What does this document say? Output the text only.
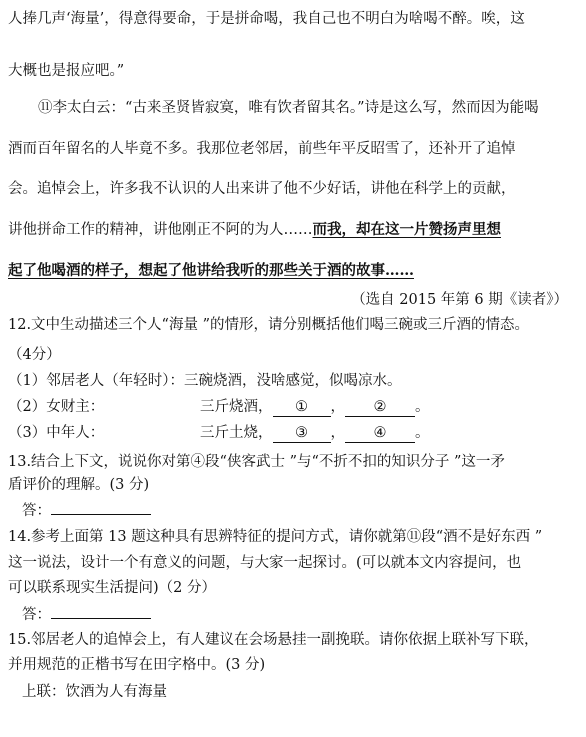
人捧几声‘海量’，得意得要命，于是拼命喝，我自己也不明白为啥喝不醉。唉，这
大概也是报应吧。”
⑪李太白云：“古来圣贤皆寂寞，唯有饮者留其名。”诗是这么写，然而因为能喝
酒而百年留名的人毕竟不多。我那位老邻居，前些年平反昭雪了，还补开了追悼
会。追悼会上，许多我不认识的人出来讲了他不少好话，讲他在科学上的贡献，
讲他拼命工作的精神，讲他刚正不阿的为人……而我，却在这一片赞扬声里想
起了他喝酒的样子，想起了他讲给我听的那些关于酒的故事……
（选自 2015 年第 6 期《读者》）
12.文中生动描述三个人“海量 ”的情形，请分别概括他们喝三碗或三斤酒的情态。
（4分）
（1）邻居老人（年轻时）：三碗烧酒，没啥感觉，似喝凉水。
（2）女财主：	三斤烧酒， ① ， ② 。
（3）中年人：	三斤土烧， ③ ， ④ 。
13.结合上下文，说说你对第④段“侠客武士 ”与“不折不扣的知识分子 ”这一矛
盾评价的理解。(3 分)
答：
14.参考上面第 13 题这种具有思辨特征的提问方式，请你就第⑪段“酒不是好东西 ”
这一说法，设计一个有意义的问题，与大家一起探讨。(可以就本文内容提问，也
可以联系现实生活提问)（2 分）
答：
15.邻居老人的追悼会上，有人建议在会场悬挂一副挽联。请你依据上联补写下联，
并用规范的正楷书写在田字格中。(3 分)
上联：饮酒为人有海量
